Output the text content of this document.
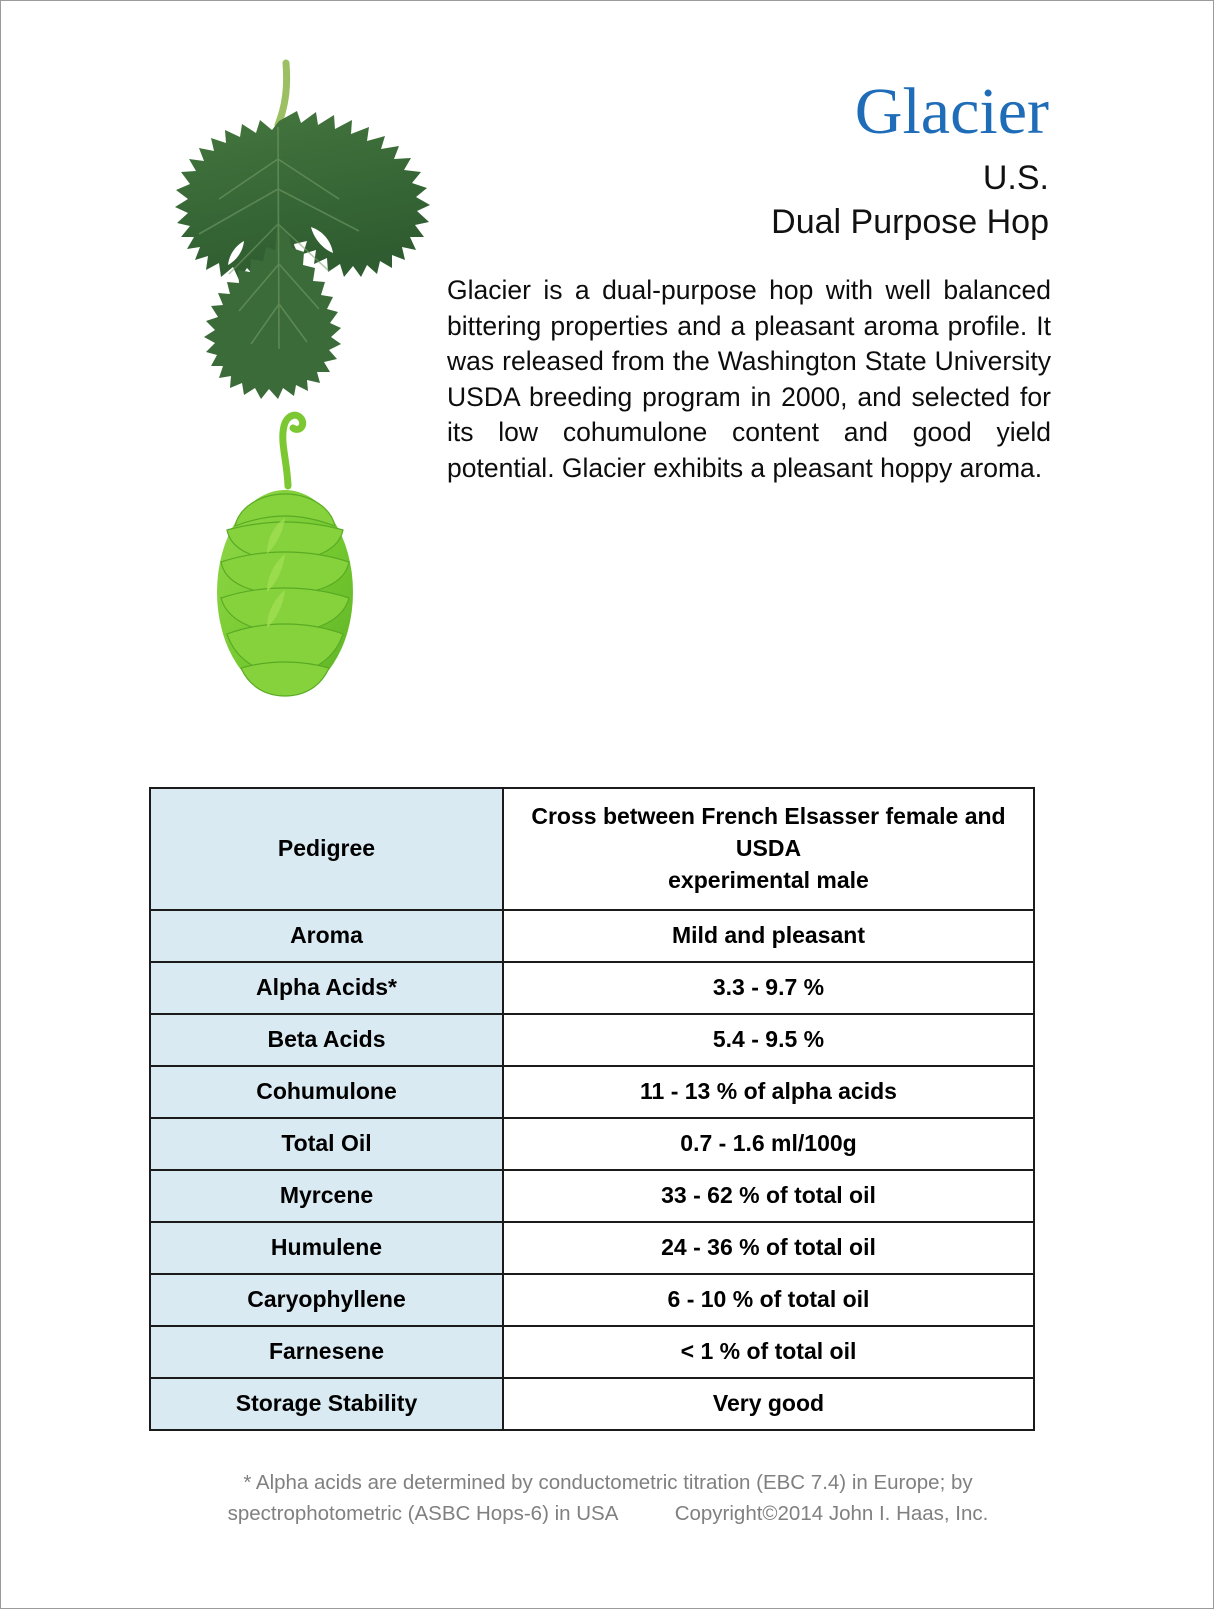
Glacier
U.S.
Dual Purpose Hop
Glacier is a dual-purpose hop with well balanced bittering properties and a pleasant aroma profile. It was released from the Washington State University USDA breeding program in 2000, and selected for its low cohumulone content and good yield potential. Glacier exhibits a pleasant hoppy aroma.
Pedigree	Cross between French Elsasser female and USDA
experimental male
Aroma	Mild and pleasant
Alpha Acids*	3.3 - 9.7 %
Beta Acids	5.4 - 9.5 %
Cohumulone	11 - 13 % of alpha acids
Total Oil	0.7 - 1.6 ml/100g
Myrcene	33 - 62 % of total oil
Humulene	24 - 36 % of total oil
Caryophyllene	6 - 10 % of total oil
Farnesene	< 1 % of total oil
Storage Stability	Very good
* Alpha acids are determined by conductometric titration (EBC 7.4) in Europe; by
spectrophotometric (ASBC Hops-6) in USA	Copyright©2014 John I. Haas, Inc.
